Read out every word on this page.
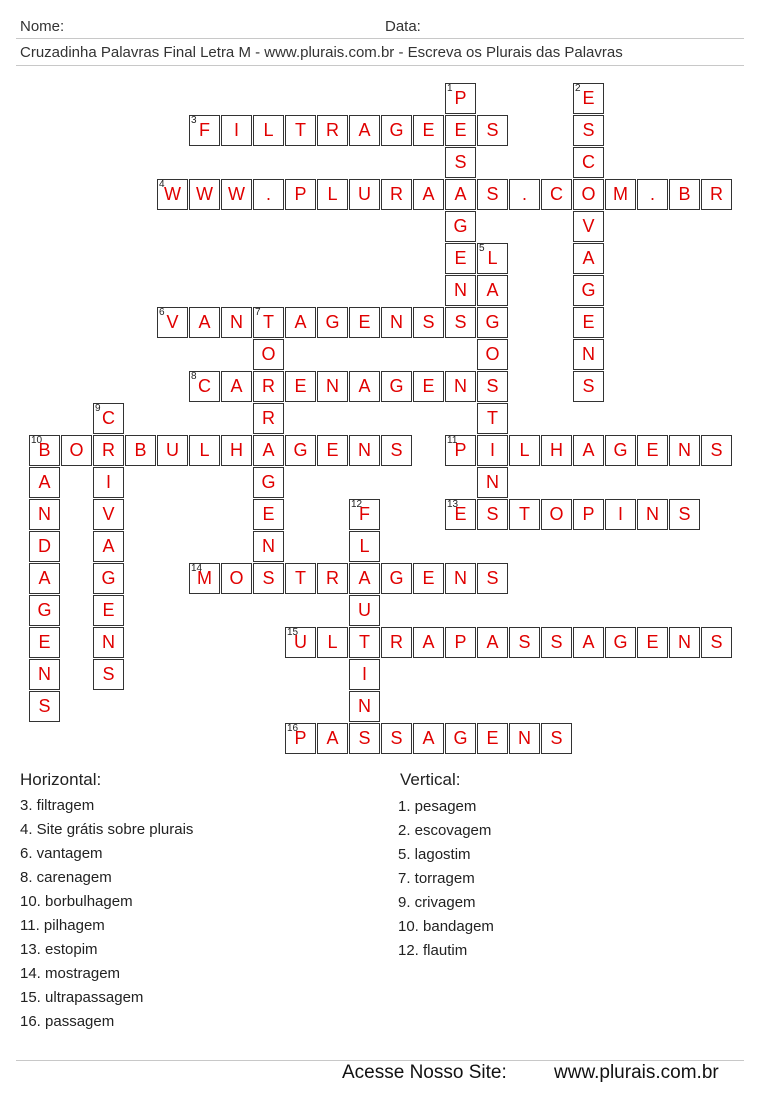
Nome:	Data:
Cruzadinha Palavras Final Letra M - www.plurais.com.br - Escreva os Plurais das Palavras
P
1
E
S
A
G
E
N
S
E
2
S
C
O
V
A
G
E
N
S
F
3 I L T R A G E	S
W
4 W W . P L U R A	S . C	M . B R
L
5
A
G
O
S
T
I
N
S
V
6 A N T
7 A G E N S
O
R
R
A
G
E
N
S
C
8 A	E N A G E N
C
9
R
I
V
A
G
E
N
S
B
10 O	B U L H	G E N S
A
N
D
A
G
E
N
S
P
11	L H A G E N S
F
12
L
A
U
T
I
N
S
E
13	T O P I N S
M
14 O	T R	G E N S
U
15 L	R A P A S S A G E N S
P
16 A	S A G E N S
Horizontal:
3. filtragem
4. Site grátis sobre plurais
6. vantagem
8. carenagem
10. borbulhagem
11. pilhagem
13. estopim
14. mostragem
15. ultrapassagem
16. passagem
Vertical:
1. pesagem
2. escovagem
5. lagostim
7. torragem
9. crivagem
10. bandagem
12. flautim
Acesse Nosso Site: www.plurais.com.br
